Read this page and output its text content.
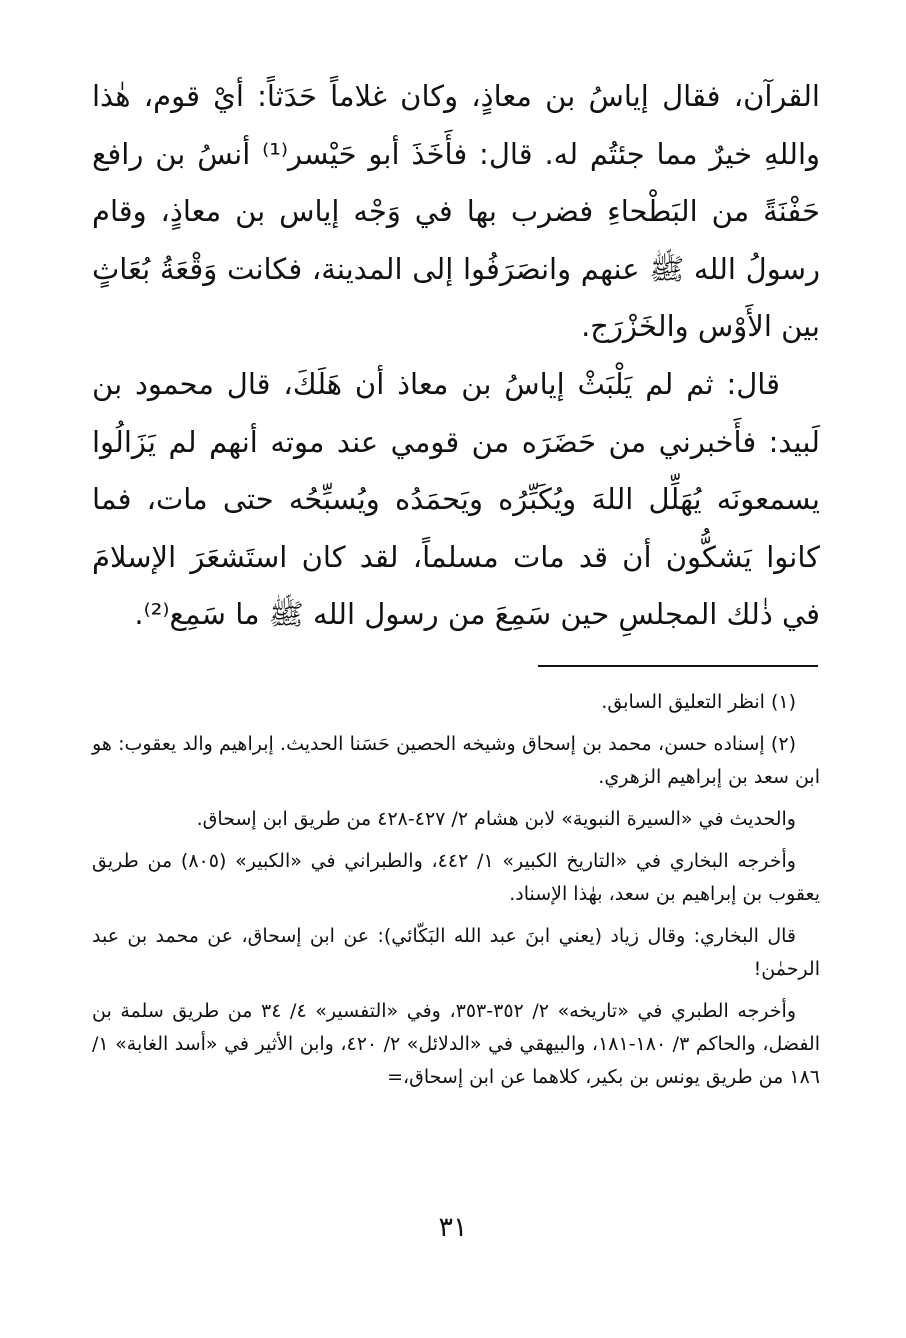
القرآن، فقال إياسُ بن معاذٍ، وكان غلاماً حَدَثاً: أيْ قوم، هٰذا واللهِ خيرٌ مما جئتُم له. قال: فأَخَذَ أبو حَيْسر⁽¹⁾ أنسُ بن رافع حَفْنَةً من البَطْحاءِ فضرب بها في وَجْه إياس بن معاذٍ، وقام رسولُ الله ﷺ عنهم وانصَرَفُوا إلى المدينة، فكانت وَقْعَةُ بُعَاثٍ بين الأَوْس والخَزْرَج.

قال: ثم لم يَلْبَثْ إياسُ بن معاذ أن هَلَكَ، قال محمود بن لَبيد: فأَخبرني من حَضَرَه من قومي عند موته أنهم لم يَزَالُوا يسمعونَه يُهَلِّل اللهَ ويُكَبِّرُه ويَحمَدُه ويُسبِّحُه حتى مات، فما كانوا يَشكُّون أن قد مات مسلماً، لقد كان استَشعَرَ الإسلامَ في ذٰلك المجلسِ حين سَمِعَ من رسول الله ﷺ ما سَمِع⁽²⁾.

(١) انظر التعليق السابق.

(٢) إسناده حسن، محمد بن إسحاق وشيخه الحصين حَسَنا الحديث. إبراهيم والد يعقوب: هو ابن سعد بن إبراهيم الزهري.

والحديث في «السيرة النبوية» لابن هشام ٢/ ٤٢٧-٤٢٨ من طريق ابن إسحاق.

وأخرجه البخاري في «التاريخ الكبير» ١/ ٤٤٢، والطبراني في «الكبير» (٨٠٥) من طريق يعقوب بن إبراهيم بن سعد، بهٰذا الإسناد.

قال البخاري: وقال زياد (يعني ابنَ عبد الله البَكّائي): عن ابن إسحاق، عن محمد بن عبد الرحمٰن!

وأخرجه الطبري في «تاريخه» ٢/ ٣٥٢-٣٥٣، وفي «التفسير» ٤/ ٣٤ من طريق سلمة بن الفضل، والحاكم ٣/ ١٨٠-١٨١، والبيهقي في «الدلائل» ٢/ ٤٢٠، وابن الأثير في «أسد الغابة» ١/ ١٨٦ من طريق يونس بن بكير، كلاهما عن ابن إسحاق،=

٣١
